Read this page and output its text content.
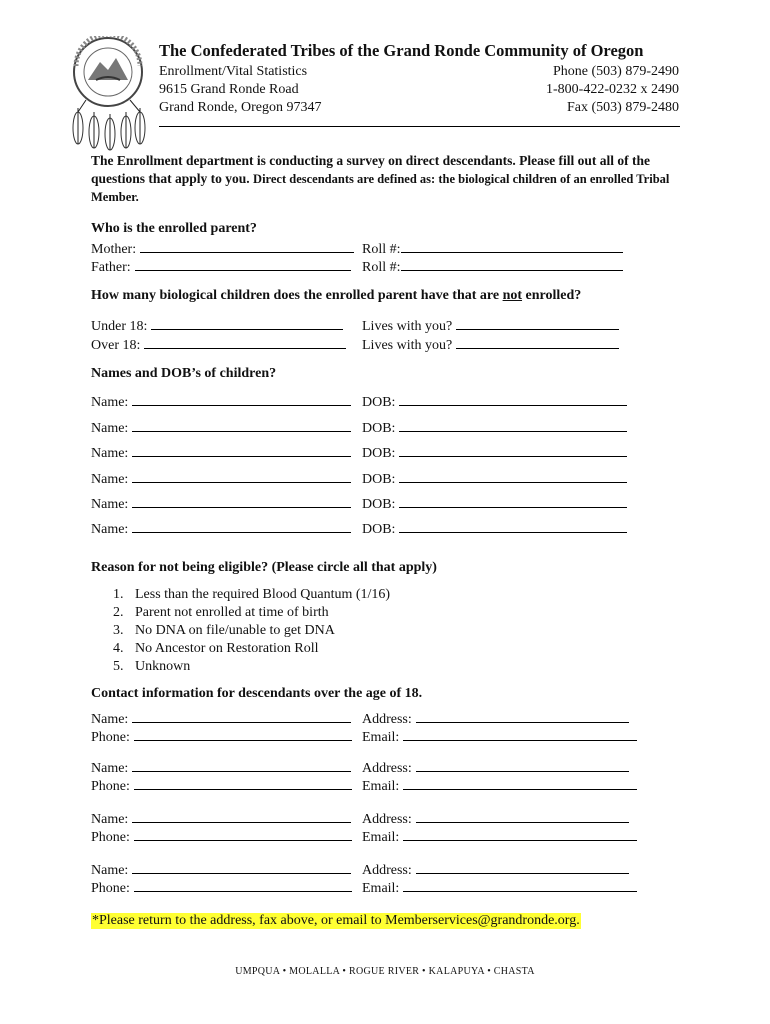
The Confederated Tribes of the Grand Ronde Community of Oregon
Enrollment/Vital Statistics
9615 Grand Ronde Road
Grand Ronde, Oregon 97347
Phone (503) 879-2490
1-800-422-0232 x 2490
Fax (503) 879-2480
The Enrollment department is conducting a survey on direct descendants. Please fill out all of the questions that apply to you. Direct descendants are defined as: the biological children of an enrolled Tribal Member.
Who is the enrolled parent?
Mother:	Roll #:
Father:	Roll #:
How many biological children does the enrolled parent have that are not enrolled?
Under 18:	Lives with you?
Over 18:	Lives with you?
Names and DOB’s of children?
Name:	DOB:
Name:	DOB:
Name:	DOB:
Name:	DOB:
Name:	DOB:
Name:	DOB:
Reason for not being eligible? (Please circle all that apply)
1. Less than the required Blood Quantum (1/16)
2. Parent not enrolled at time of birth
3. No DNA on file/unable to get DNA
4. No Ancestor on Restoration Roll
5. Unknown
Contact information for descendants over the age of 18.
Name:	Address:
Phone:	Email:
Name:	Address:
Phone:	Email:
Name:	Address:
Phone:	Email:
Name:	Address:
Phone:	Email:
*Please return to the address, fax above, or email to Memberservices@grandronde.org.
UMPQUA • MOLALLA • ROGUE RIVER • KALAPUYA • CHASTA
